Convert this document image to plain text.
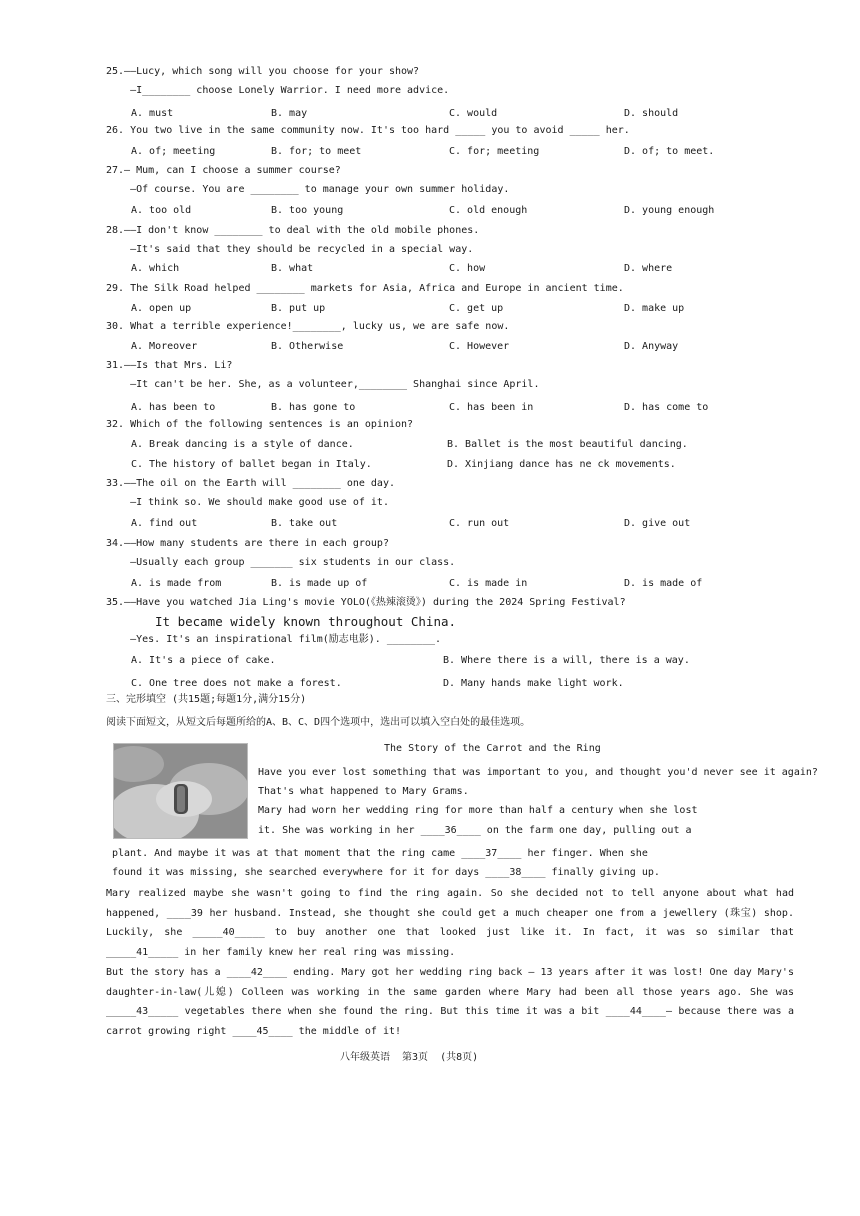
25.——Lucy, which song will you choose for your show?
—I________ choose Lonely Warrior. I need more advice.
A. must	B. may	C. would	D. should
26. You two live in the same community now. It's too hard _____ you to avoid _____ her.
A. of; meeting	B. for; to meet	C. for; meeting	D. of; to meet.
27.— Mum, can I choose a summer course?
—Of course. You are ________ to manage your own summer holiday.
A. too old	B. too young	C. old enough	D. young enough
28.——I don't know ________ to deal with the old mobile phones.
—It's said that they should be recycled in a special way.
A. which	B. what	C. how	D. where
29. The Silk Road helped ________ markets for Asia, Africa and Europe in ancient time.
A. open up	B. put up	C. get up	D. make up
30. What a terrible experience!________, lucky us, we are safe now.
A. Moreover	B. Otherwise	C. However	D. Anyway
31.——Is that Mrs. Li?
—It can't be her. She, as a volunteer,________ Shanghai since April.
A. has been to	B. has gone to	C. has been in	D. has come to
32. Which of the following sentences is an opinion?
33.——The oil on the Earth will ________ one day.
—I think so. We should make good use of it.
A. find out	B. take out	C. run out	D. give out
34.——How many students are there in each group?
—Usually each group _______ six students in our class.
A. is made from	B. is made up of	C. is made in	D. is made of
A. Break dancing is a style of dance.	B. Ballet is the most beautiful dancing.
C. The history of ballet began in Italy.	D. Xinjiang dance has ne ck movements.
35.——Have you watched Jia Ling's movie YOLO(《热辣滚烫》) during the 2024 Spring Festival?
It became widely known throughout China.
—Yes. It's an inspirational film(励志电影). ________.
A. It's a piece of cake.	B. Where there is a will, there is a way.
C. One tree does not make a forest.	D. Many hands make light work.
三、完形填空 (共15题;每题1分,满分15分)
阅读下面短文，从短文后每题所给的A、B、C、D四个选项中，选出可以填入空白处的最佳选项。
The Story of the Carrot and the Ring
Have you ever lost something that was important to you, and thought you'd never see it again?
That's what happened to Mary Grams.
Mary had worn her wedding ring for more than half a century when she lost
it. She was working in her ____36____ on the farm one day, pulling out a
plant. And maybe it was at that moment that the ring came ____37____ her finger. When she
found it was missing, she searched everywhere for it for days ____38____ finally giving up.
Mary realized maybe she wasn't going to find the ring again. So she decided not to tell anyone about what had happened, ____39 her husband. Instead, she thought she could get a much cheaper one from a jewellery (珠宝) shop. Luckily, she _____40_____ to buy another one that looked just like it. In fact, it was so similar that _____41_____ in her family knew her real ring was missing.
But the story has a ____42____ ending. Mary got her wedding ring back — 13 years after it was lost! One day Mary's daughter-in-law(儿媳) Colleen was working in the same garden where Mary had been all those years ago. She was _____43_____ vegetables there when she found the ring. But this time it was a bit ____44____— because there was a carrot growing right ____45____ the middle of it!
八年级英语  第3页  (共8页)
